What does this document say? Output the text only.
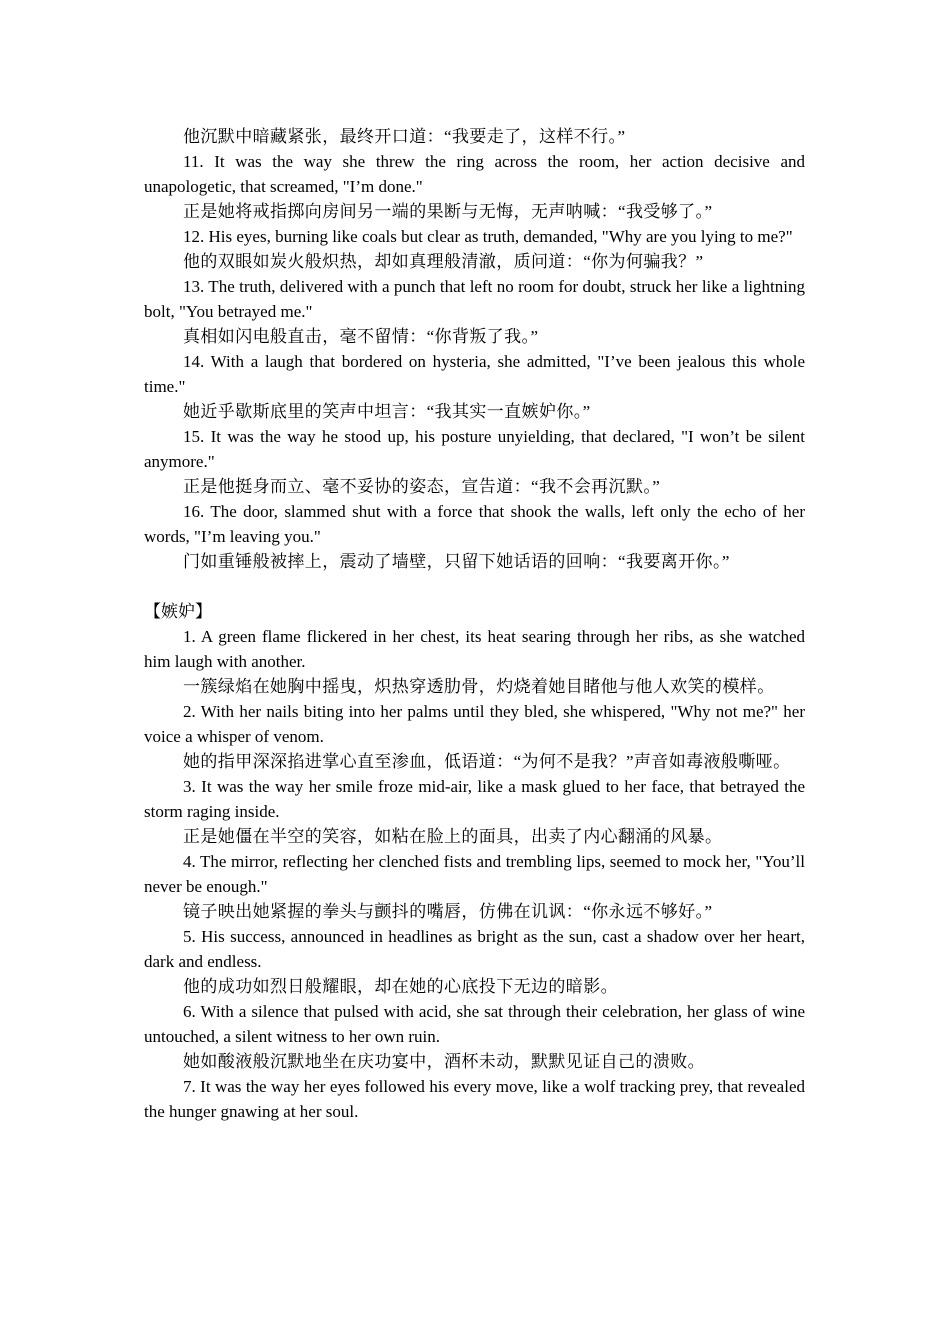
他沉默中暗藏紧张，最终开口道：“我要走了，这样不行。”

11. It was the way she threw the ring across the room, her action decisive and unapologetic, that screamed, "I’m done."

正是她将戒指掷向房间另一端的果断与无悔，无声呐喊：“我受够了。”

12. His eyes, burning like coals but clear as truth, demanded, "Why are you lying to me?"

他的双眼如炭火般炽热，却如真理般清澈，质问道：“你为何骗我？”

13. The truth, delivered with a punch that left no room for doubt, struck her like a lightning bolt, "You betrayed me."

真相如闪电般直击，毫不留情：“你背叛了我。”

14. With a laugh that bordered on hysteria, she admitted, "I’ve been jealous this whole time."

她近乎歇斯底里的笑声中坦言：“我其实一直嫉妒你。”

15. It was the way he stood up, his posture unyielding, that declared, "I won’t be silent anymore."

正是他挺身而立、毫不妥协的姿态，宣告道：“我不会再沉默。”

16. The door, slammed shut with a force that shook the walls, left only the echo of her words, "I’m leaving you."

门如重锤般被摔上，震动了墙壁，只留下她话语的回响：“我要离开你。”

【嫉妒】

1. A green flame flickered in her chest, its heat searing through her ribs, as she watched him laugh with another.

一簇绿焰在她胸中摇曳，炽热穿透肋骨，灼烧着她目睹他与他人欢笑的模样。

2. With her nails biting into her palms until they bled, she whispered, "Why not me?" her voice a whisper of venom.

她的指甲深深掐进掌心直至渗血，低语道：“为何不是我？”声音如毒液般嘶哑。

3. It was the way her smile froze mid-air, like a mask glued to her face, that betrayed the storm raging inside.

正是她僵在半空的笑容，如粘在脸上的面具，出卖了内心翻涌的风暴。

4. The mirror, reflecting her clenched fists and trembling lips, seemed to mock her, "You’ll never be enough."

镜子映出她紧握的拳头与颤抖的嘴唇，仿佛在讥讽：“你永远不够好。”

5. His success, announced in headlines as bright as the sun, cast a shadow over her heart, dark and endless.

他的成功如烈日般耀眼，却在她的心底投下无边的暗影。

6. With a silence that pulsed with acid, she sat through their celebration, her glass of wine untouched, a silent witness to her own ruin.

她如酸液般沉默地坐在庆功宴中，酒杯未动，默默见证自己的溃败。

7. It was the way her eyes followed his every move, like a wolf tracking prey, that revealed the hunger gnawing at her soul.
